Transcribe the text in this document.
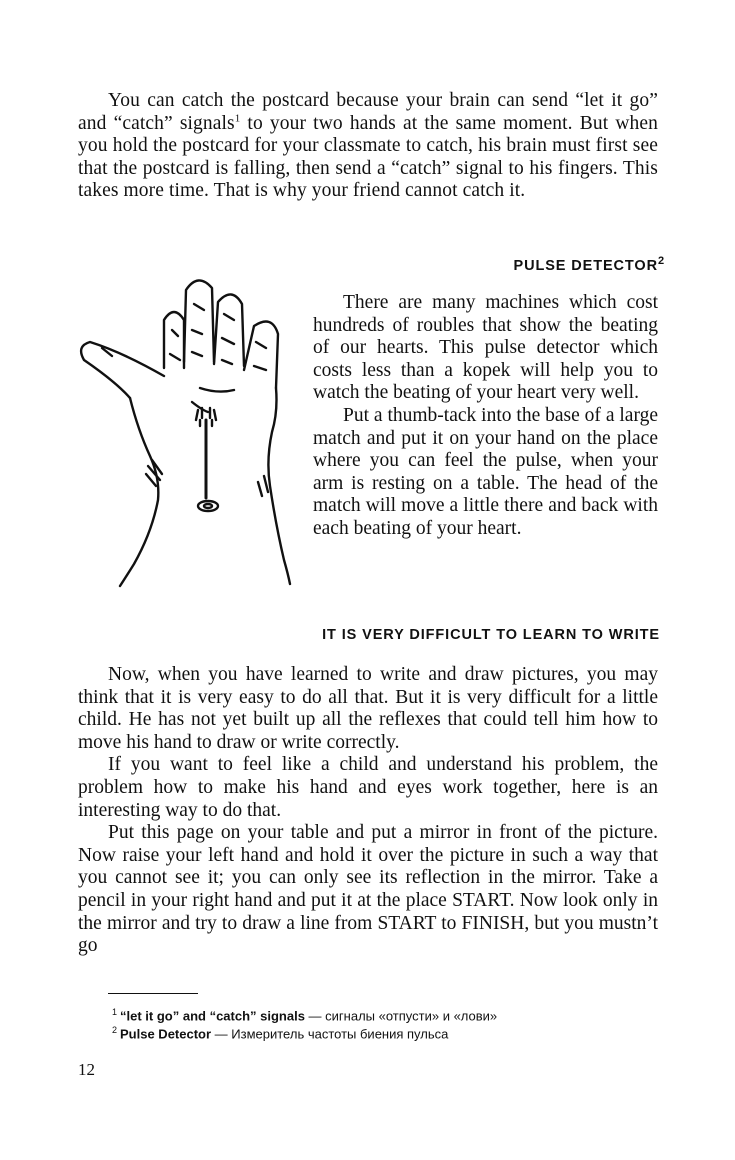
You can catch the postcard because your brain can send “let it go” and “catch” signals$^1$ to your two hands at the same moment. But when you hold the postcard for your classmate to catch, his brain must first see that the postcard is falling, then send a “catch” signal to his fingers. This takes more time. That is why your friend cannot catch it.

PULSE DETECTOR$^2$

There are many machines which cost hundreds of roubles that show the beating of our hearts. This pulse detector which costs less than a kopek will help you to watch the beating of your heart very well.

Put a thumb-tack into the base of a large match and put it on your hand on the place where you can feel the pulse, when your arm is resting on a table. The head of the match will move a little there and back with each beating of your heart.

IT IS VERY DIFFICULT TO LEARN TO WRITE

Now, when you have learned to write and draw pictures, you may think that it is very easy to do all that. But it is very difficult for a little child. He has not yet built up all the reflexes that could tell him how to move his hand to draw or write correctly.

If you want to feel like a child and understand his problem, the problem how to make his hand and eyes work together, here is an interesting way to do that.

Put this page on your table and put a mirror in front of the picture. Now raise your left hand and hold it over the picture in such a way that you cannot see it; you can only see its reflection in the mirror. Take a pencil in your right hand and put it at the place START. Now look only in the mirror and try to draw a line from START to FINISH, but you mustn’t go

$^1$ “let it go” and “catch” signals — сигналы «отпусти» и «лови»

$^2$ Pulse Detector — Измеритель частоты биения пульса

12
